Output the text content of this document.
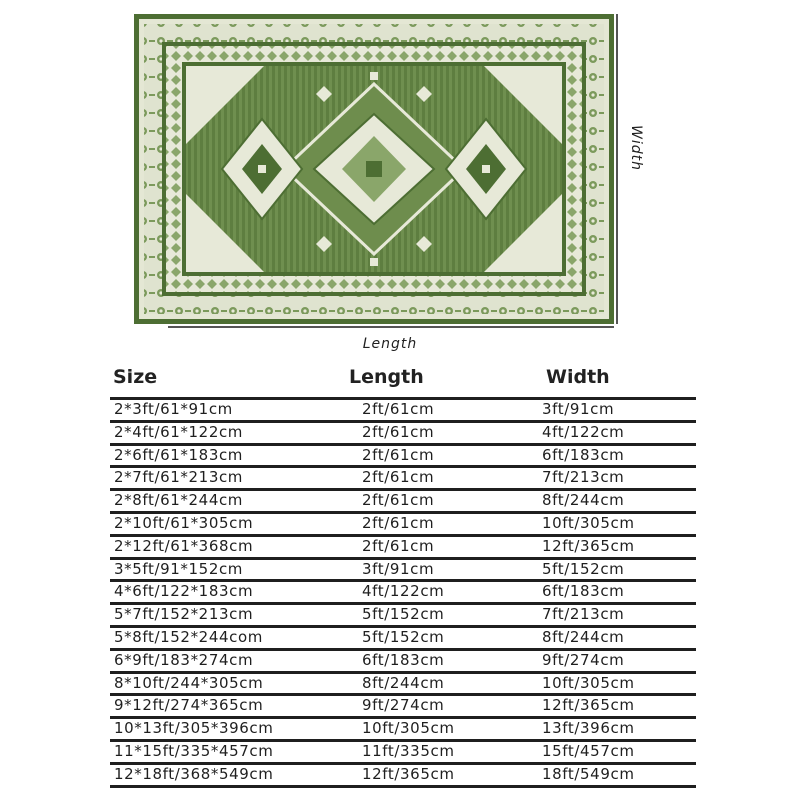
Length
Width
Size	Length	Width
2*3ft/61*91cm	2ft/61cm	3ft/91cm
2*4ft/61*122cm	2ft/61cm	4ft/122cm
2*6ft/61*183cm	2ft/61cm	6ft/183cm
2*7ft/61*213cm	2ft/61cm	7ft/213cm
2*8ft/61*244cm	2ft/61cm	8ft/244cm
2*10ft/61*305cm	2ft/61cm	10ft/305cm
2*12ft/61*368cm	2ft/61cm	12ft/365cm
3*5ft/91*152cm	3ft/91cm	5ft/152cm
4*6ft/122*183cm	4ft/122cm	6ft/183cm
5*7ft/152*213cm	5ft/152cm	7ft/213cm
5*8ft/152*244com	5ft/152cm	8ft/244cm
6*9ft/183*274cm	6ft/183cm	9ft/274cm
8*10ft/244*305cm	8ft/244cm	10ft/305cm
9*12ft/274*365cm	9ft/274cm	12ft/365cm
10*13ft/305*396cm	10ft/305cm	13ft/396cm
11*15ft/335*457cm	11ft/335cm	15ft/457cm
12*18ft/368*549cm	12ft/365cm	18ft/549cm
